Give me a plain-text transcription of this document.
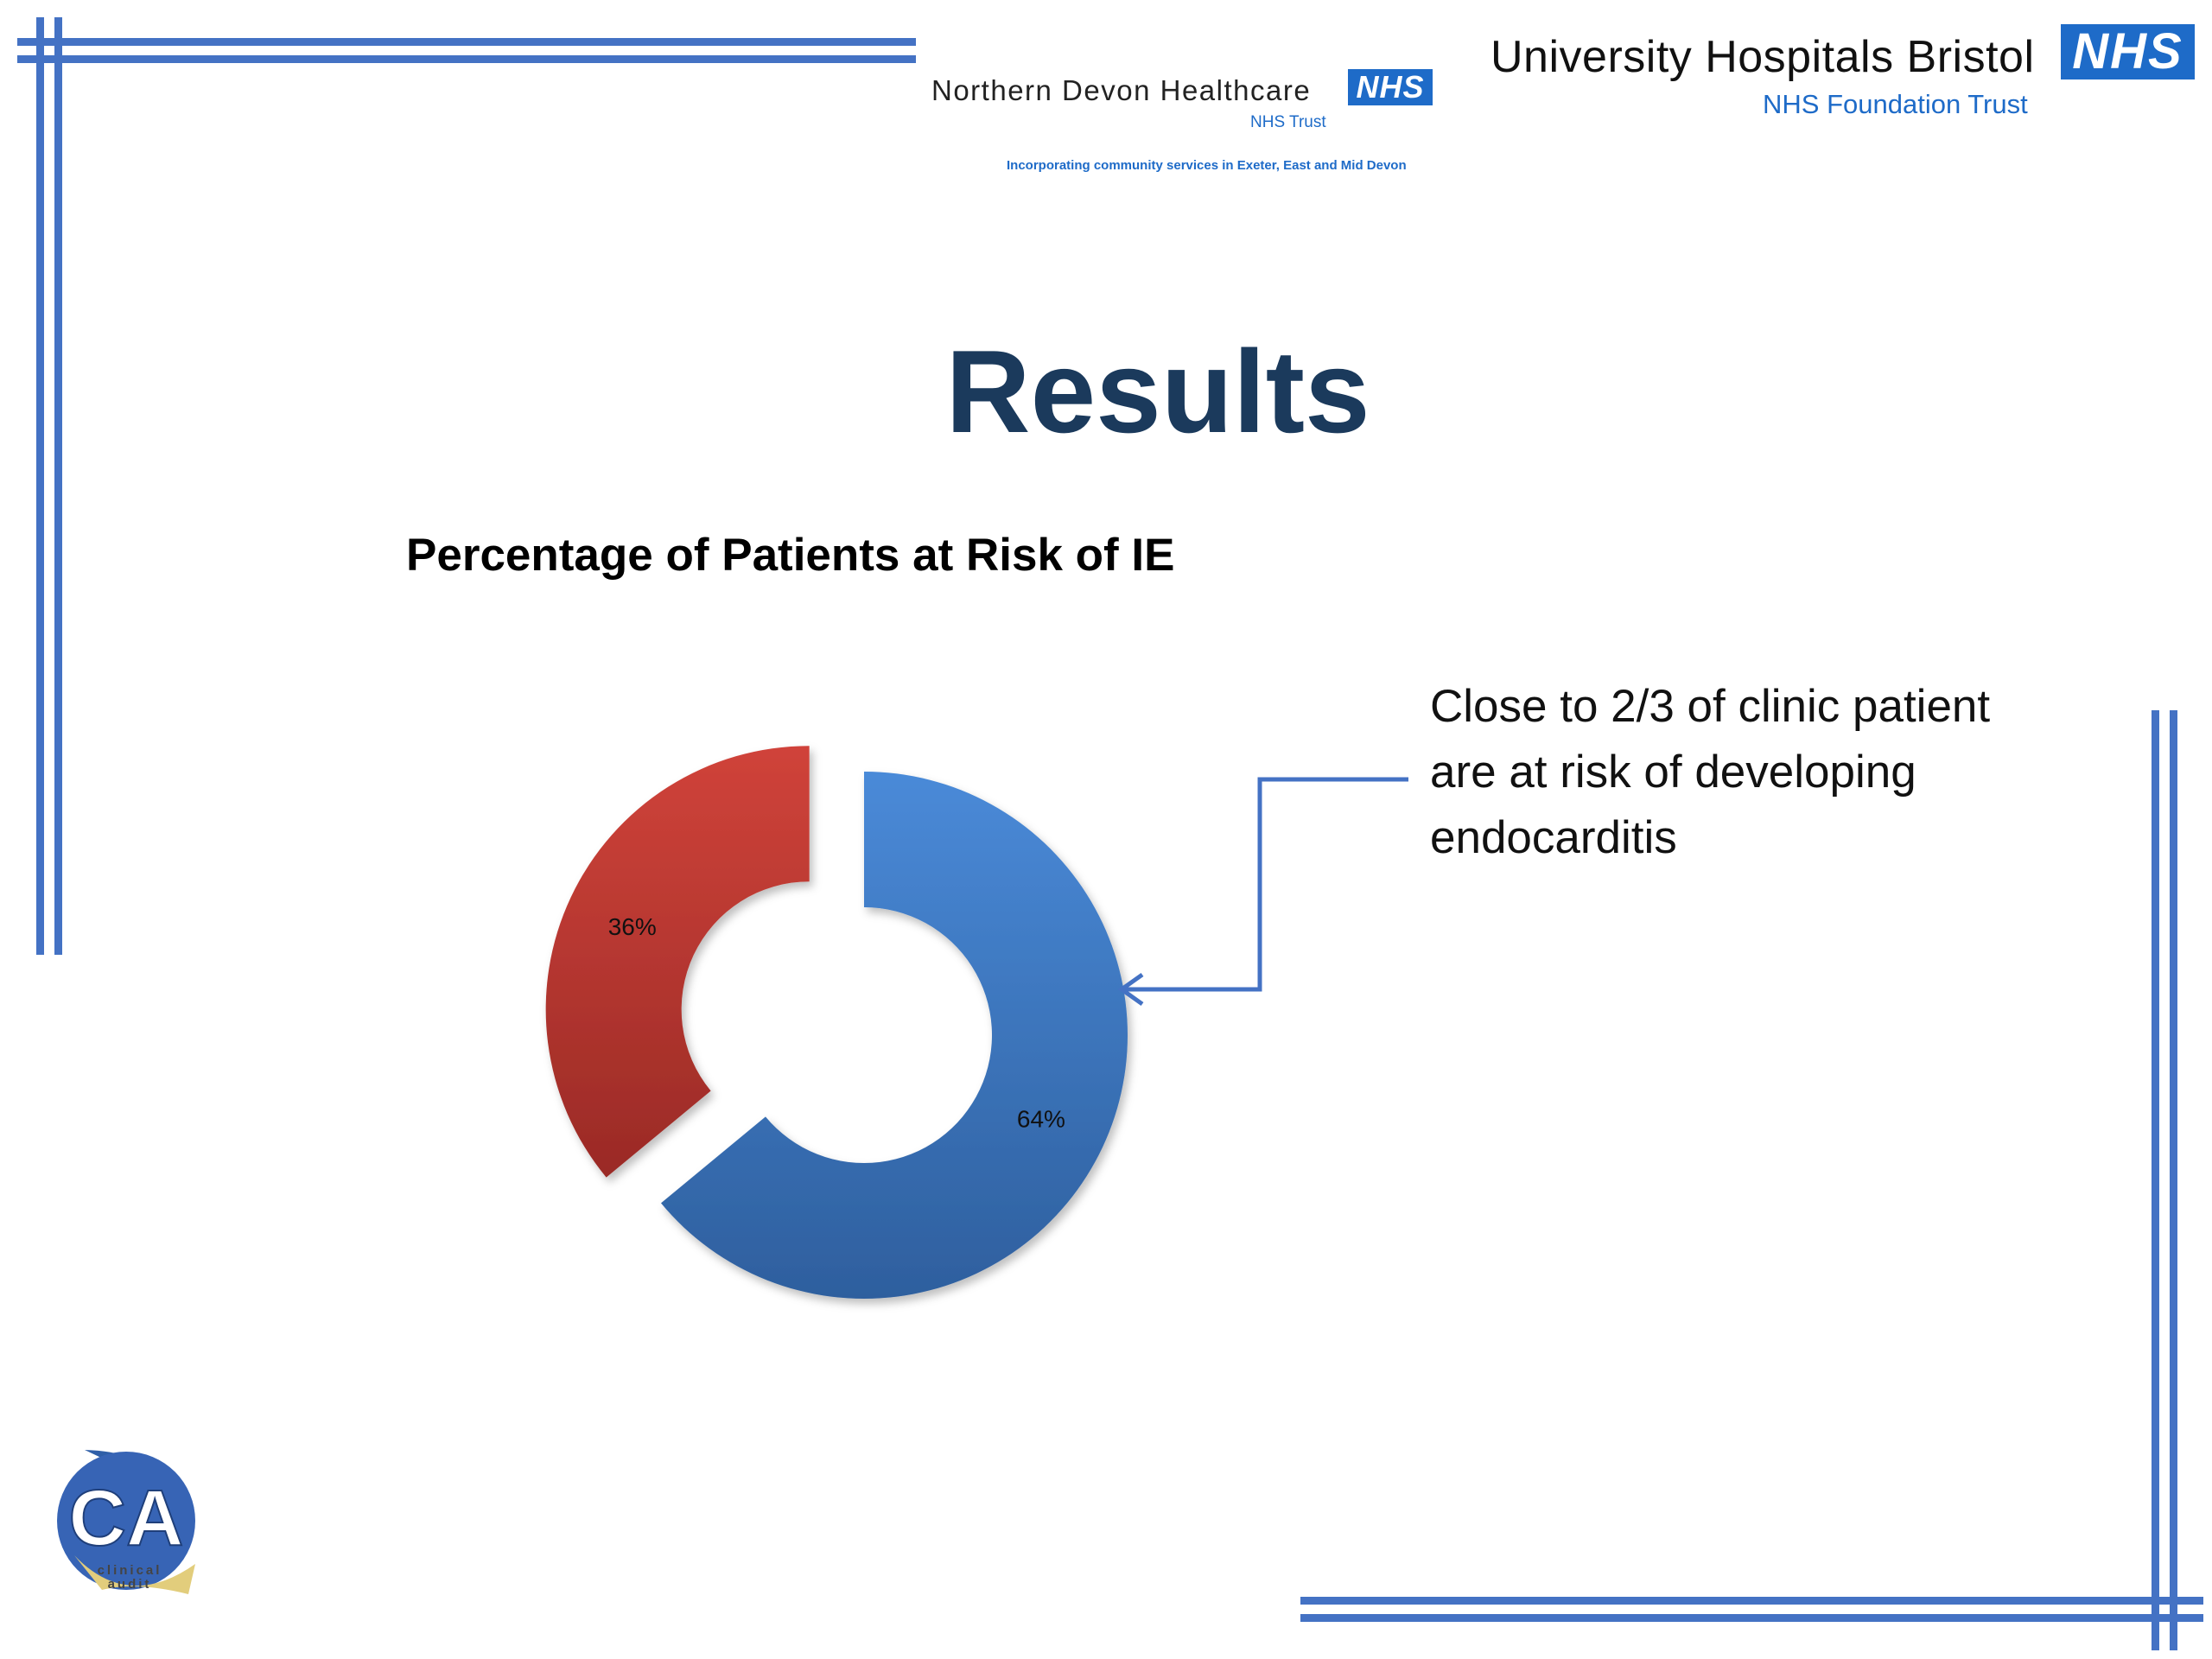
Northern Devon Healthcare NHS
NHS Trust
Incorporating community services in Exeter, East and Mid Devon
University Hospitals Bristol NHS
NHS Foundation Trust
Results
Percentage of Patients at Risk of IE
64%
36%
Close to 2/3 of clinic patient
are at risk of developing
endocarditis
CA
clinical
audit
